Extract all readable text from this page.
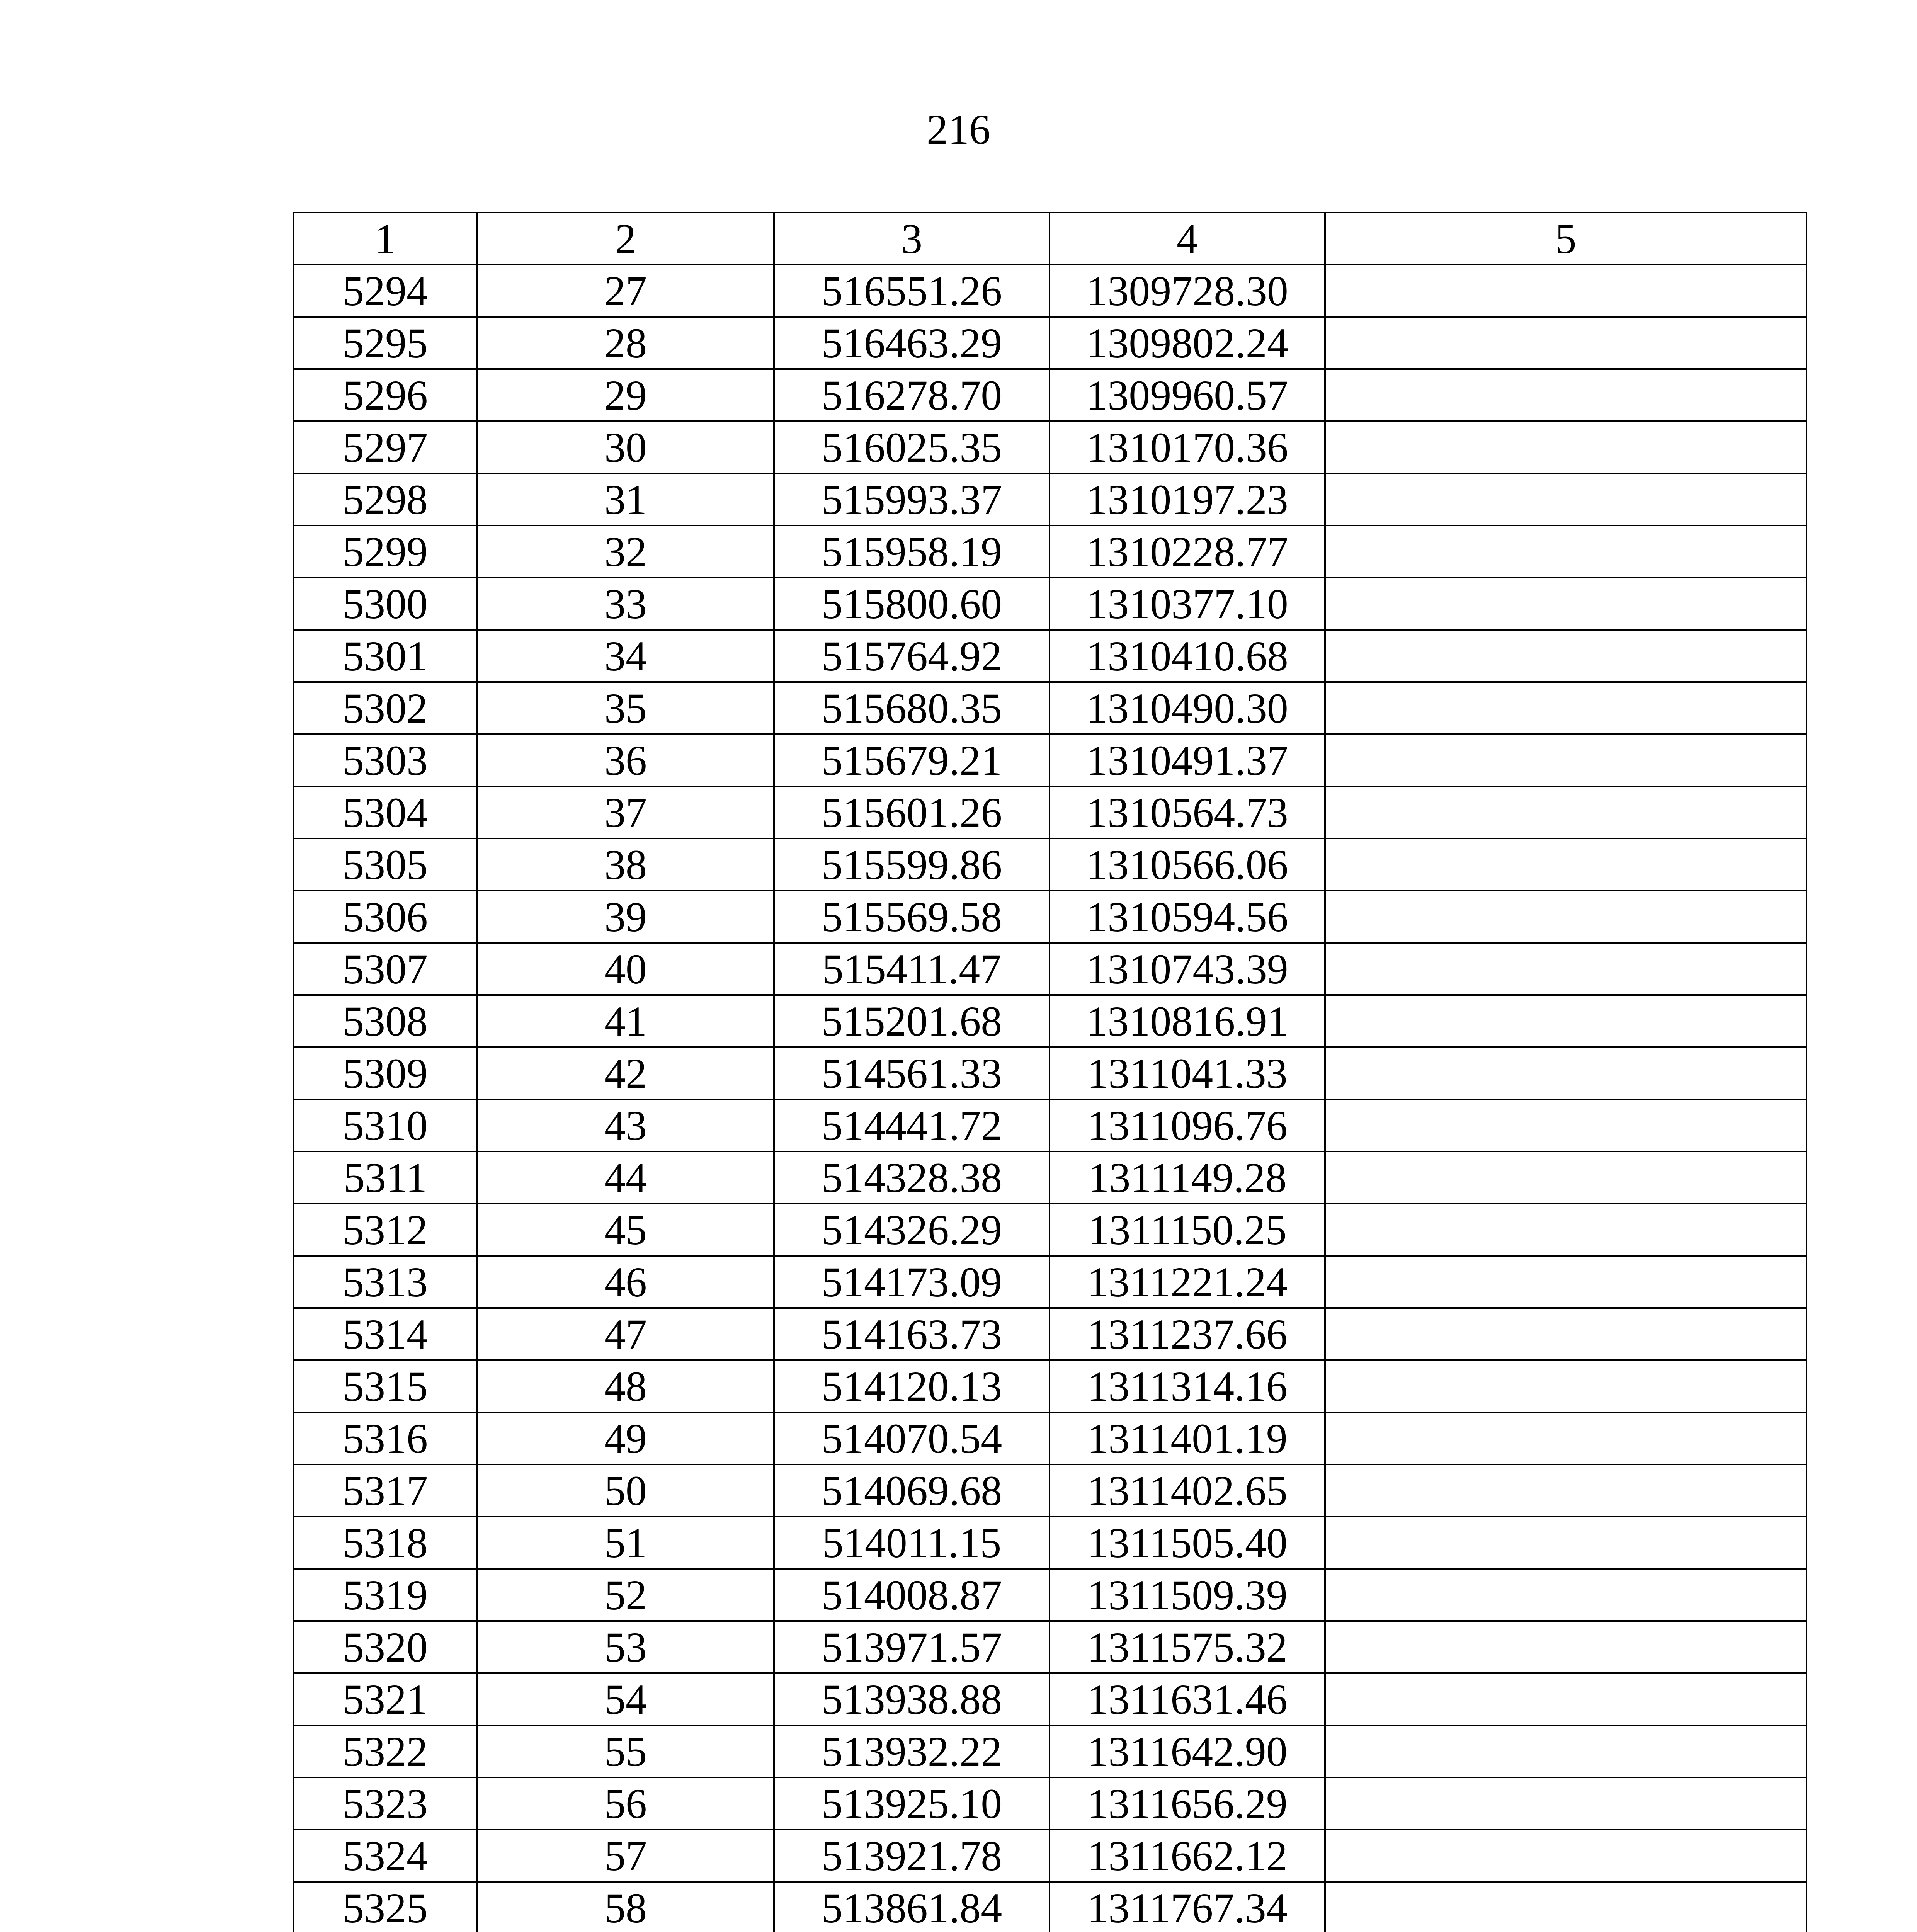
216
1	2	3	4	5
5294	27	516551.26	1309728.30	
5295	28	516463.29	1309802.24	
5296	29	516278.70	1309960.57	
5297	30	516025.35	1310170.36	
5298	31	515993.37	1310197.23	
5299	32	515958.19	1310228.77	
5300	33	515800.60	1310377.10	
5301	34	515764.92	1310410.68	
5302	35	515680.35	1310490.30	
5303	36	515679.21	1310491.37	
5304	37	515601.26	1310564.73	
5305	38	515599.86	1310566.06	
5306	39	515569.58	1310594.56	
5307	40	515411.47	1310743.39	
5308	41	515201.68	1310816.91	
5309	42	514561.33	1311041.33	
5310	43	514441.72	1311096.76	
5311	44	514328.38	1311149.28	
5312	45	514326.29	1311150.25	
5313	46	514173.09	1311221.24	
5314	47	514163.73	1311237.66	
5315	48	514120.13	1311314.16	
5316	49	514070.54	1311401.19	
5317	50	514069.68	1311402.65	
5318	51	514011.15	1311505.40	
5319	52	514008.87	1311509.39	
5320	53	513971.57	1311575.32	
5321	54	513938.88	1311631.46	
5322	55	513932.22	1311642.90	
5323	56	513925.10	1311656.29	
5324	57	513921.78	1311662.12	
5325	58	513861.84	1311767.34	
